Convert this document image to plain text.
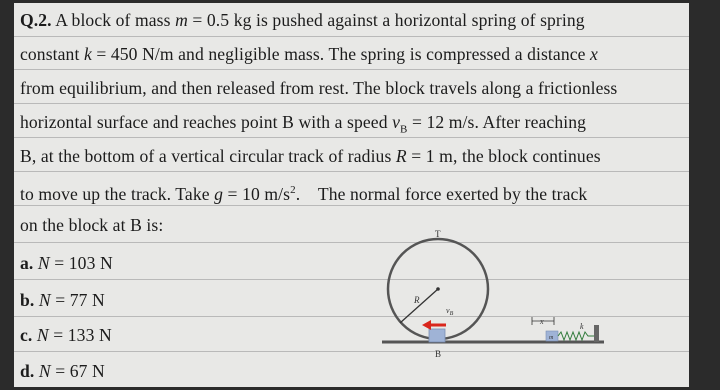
Q.2. A block of mass m = 0.5 kg is pushed against a horizontal spring of spring
constant k = 450 N/m and negligible mass. The spring is compressed a distance x
from equilibrium, and then released from rest. The block travels along a frictionless
horizontal surface and reaches point B with a speed $v_B = 12$ m/s. After reaching
B, at the bottom of a vertical circular track of radius R = 1 m, the block continues
to move up the track. Take g = 10 $m/s^2$.    The normal force exerted by the track
on the block at B is:
a. N = 103 N
b. N = 77 N
c. N = 133 N
d. N = 67 N
R
T
$v_B$
B
x
k
m
